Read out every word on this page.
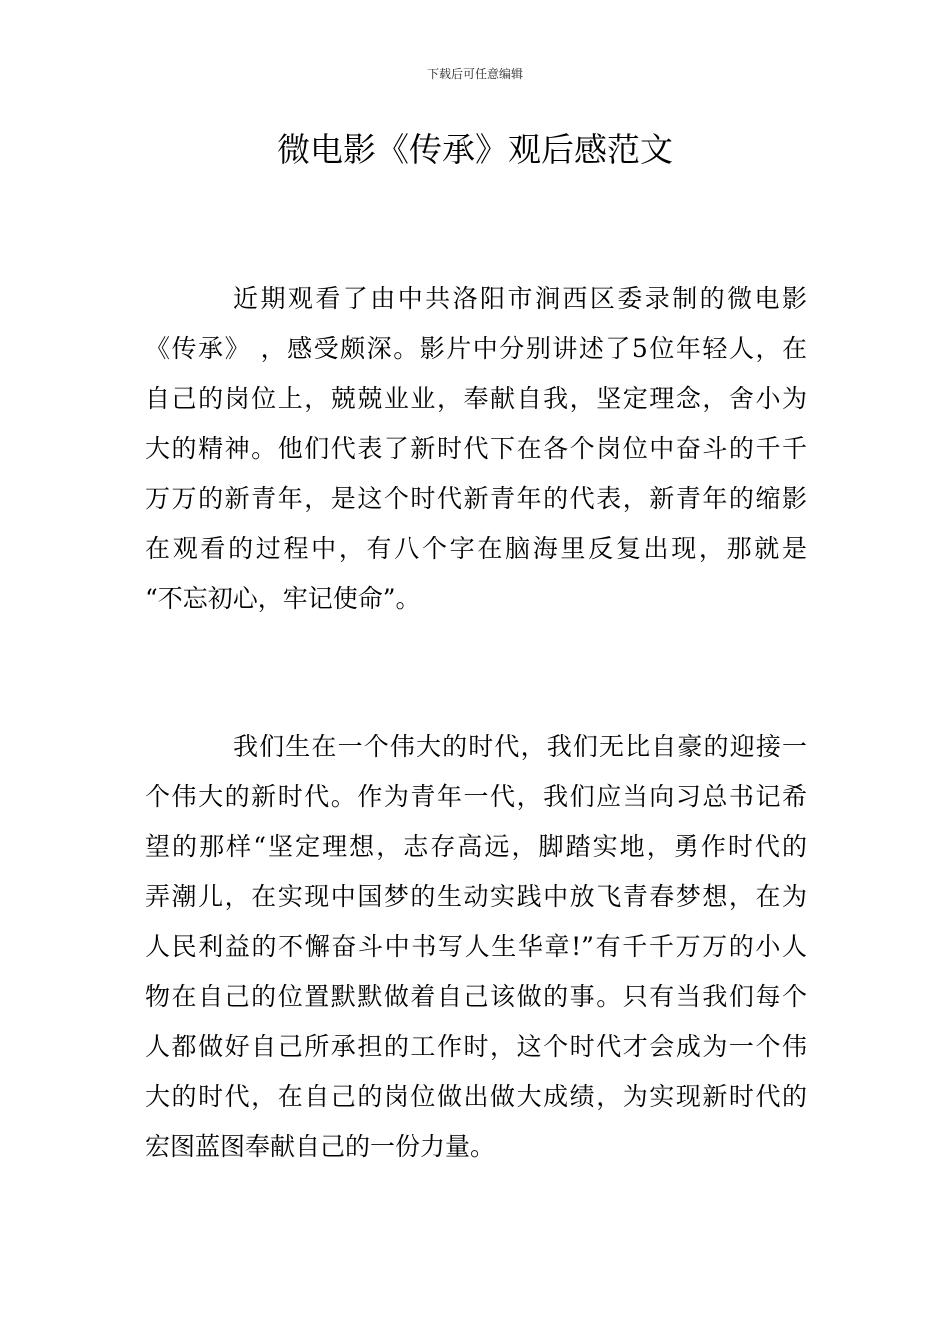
下载后可任意编辑
微电影《传承》观后感范文
近期观看了由中共洛阳市涧西区委录制的微电影
《传承》 ，感受颇深。影片中分别讲述了5位年轻人，在
自己的岗位上，兢兢业业，奉献自我，坚定理念，舍小为
大的精神。他们代表了新时代下在各个岗位中奋斗的千千
万万的新青年，是这个时代新青年的代表，新青年的缩影
在观看的过程中，有八个字在脑海里反复出现，那就是
“不忘初心，牢记使命”。
我们生在一个伟大的时代，我们无比自豪的迎接一
个伟大的新时代。作为青年一代，我们应当向习总书记希
望的那样“坚定理想，志存高远，脚踏实地，勇作时代的
弄潮儿，在实现中国梦的生动实践中放飞青春梦想，在为
人民利益的不懈奋斗中书写人生华章!”有千千万万的小人
物在自己的位置默默做着自己该做的事。只有当我们每个
人都做好自己所承担的工作时，这个时代才会成为一个伟
大的时代，在自己的岗位做出做大成绩，为实现新时代的
宏图蓝图奉献自己的一份力量。
